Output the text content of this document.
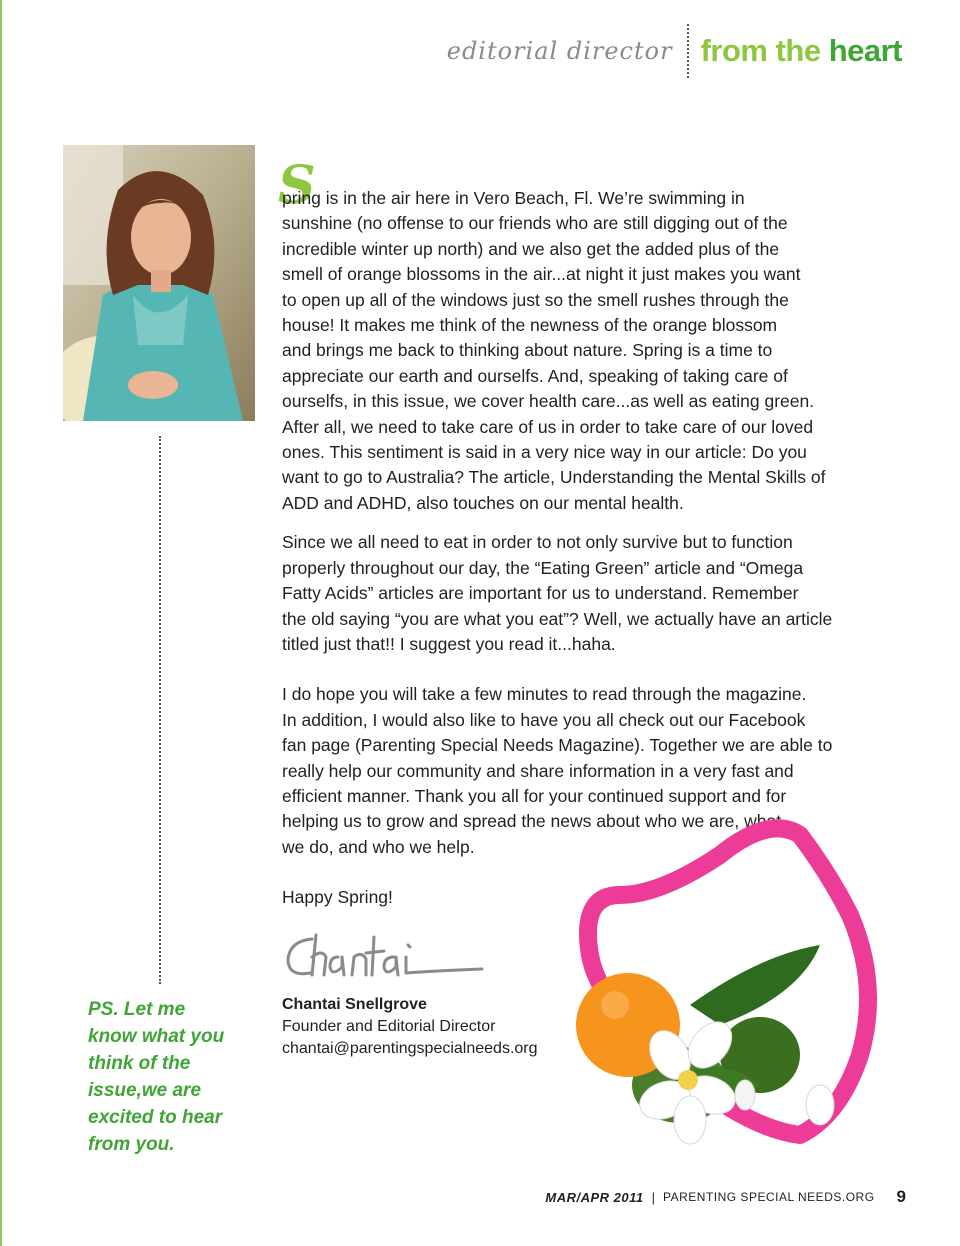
editorial director from the heart
PS. Let me
know what you
think of the
issue,we are
excited to hear
from you.
S

pring is in the air here in Vero Beach, Fl. We’re swimming in
sunshine (no offense to our friends who are still digging out of the
incredible winter up north) and we also get the added plus of the
smell of orange blossoms in the air...at night it just makes you want
to open up all of the windows just so the smell rushes through the
house! It makes me think of the newness of the orange blossom
and brings me back to thinking about nature. Spring is a time to
appreciate our earth and ourselfs. And, speaking of taking care of
ourselfs, in this issue, we cover health care...as well as eating green.
After all, we need to take care of us in order to take care of our loved
ones. This sentiment is said in a very nice way in our article: Do you
want to go to Australia? The article, Understanding the Mental Skills of
ADD and ADHD, also touches on our mental health.

Since we all need to eat in order to not only survive but to function
properly throughout our day, the “Eating Green” article and “Omega
Fatty Acids” articles are important for us to understand. Remember
the old saying “you are what you eat”? Well, we actually have an article
titled just that!! I suggest you read it...haha.

I do hope you will take a few minutes to read through the magazine.
In addition, I would also like to have you all check out our Facebook
fan page (Parenting Special Needs Magazine). Together we are able to
really help our community and share information in a very fast and
efficient manner. Thank you all for your continued support and for
helping us to grow and spread the news about who we are, what
we do, and who we help.

Happy Spring!

Chantai Snellgrove
Founder and Editorial Director
chantai@parentingspecialneeds.org
MAR/APR 2011 | PARENTING SPECIAL NEEDS.ORG 9
